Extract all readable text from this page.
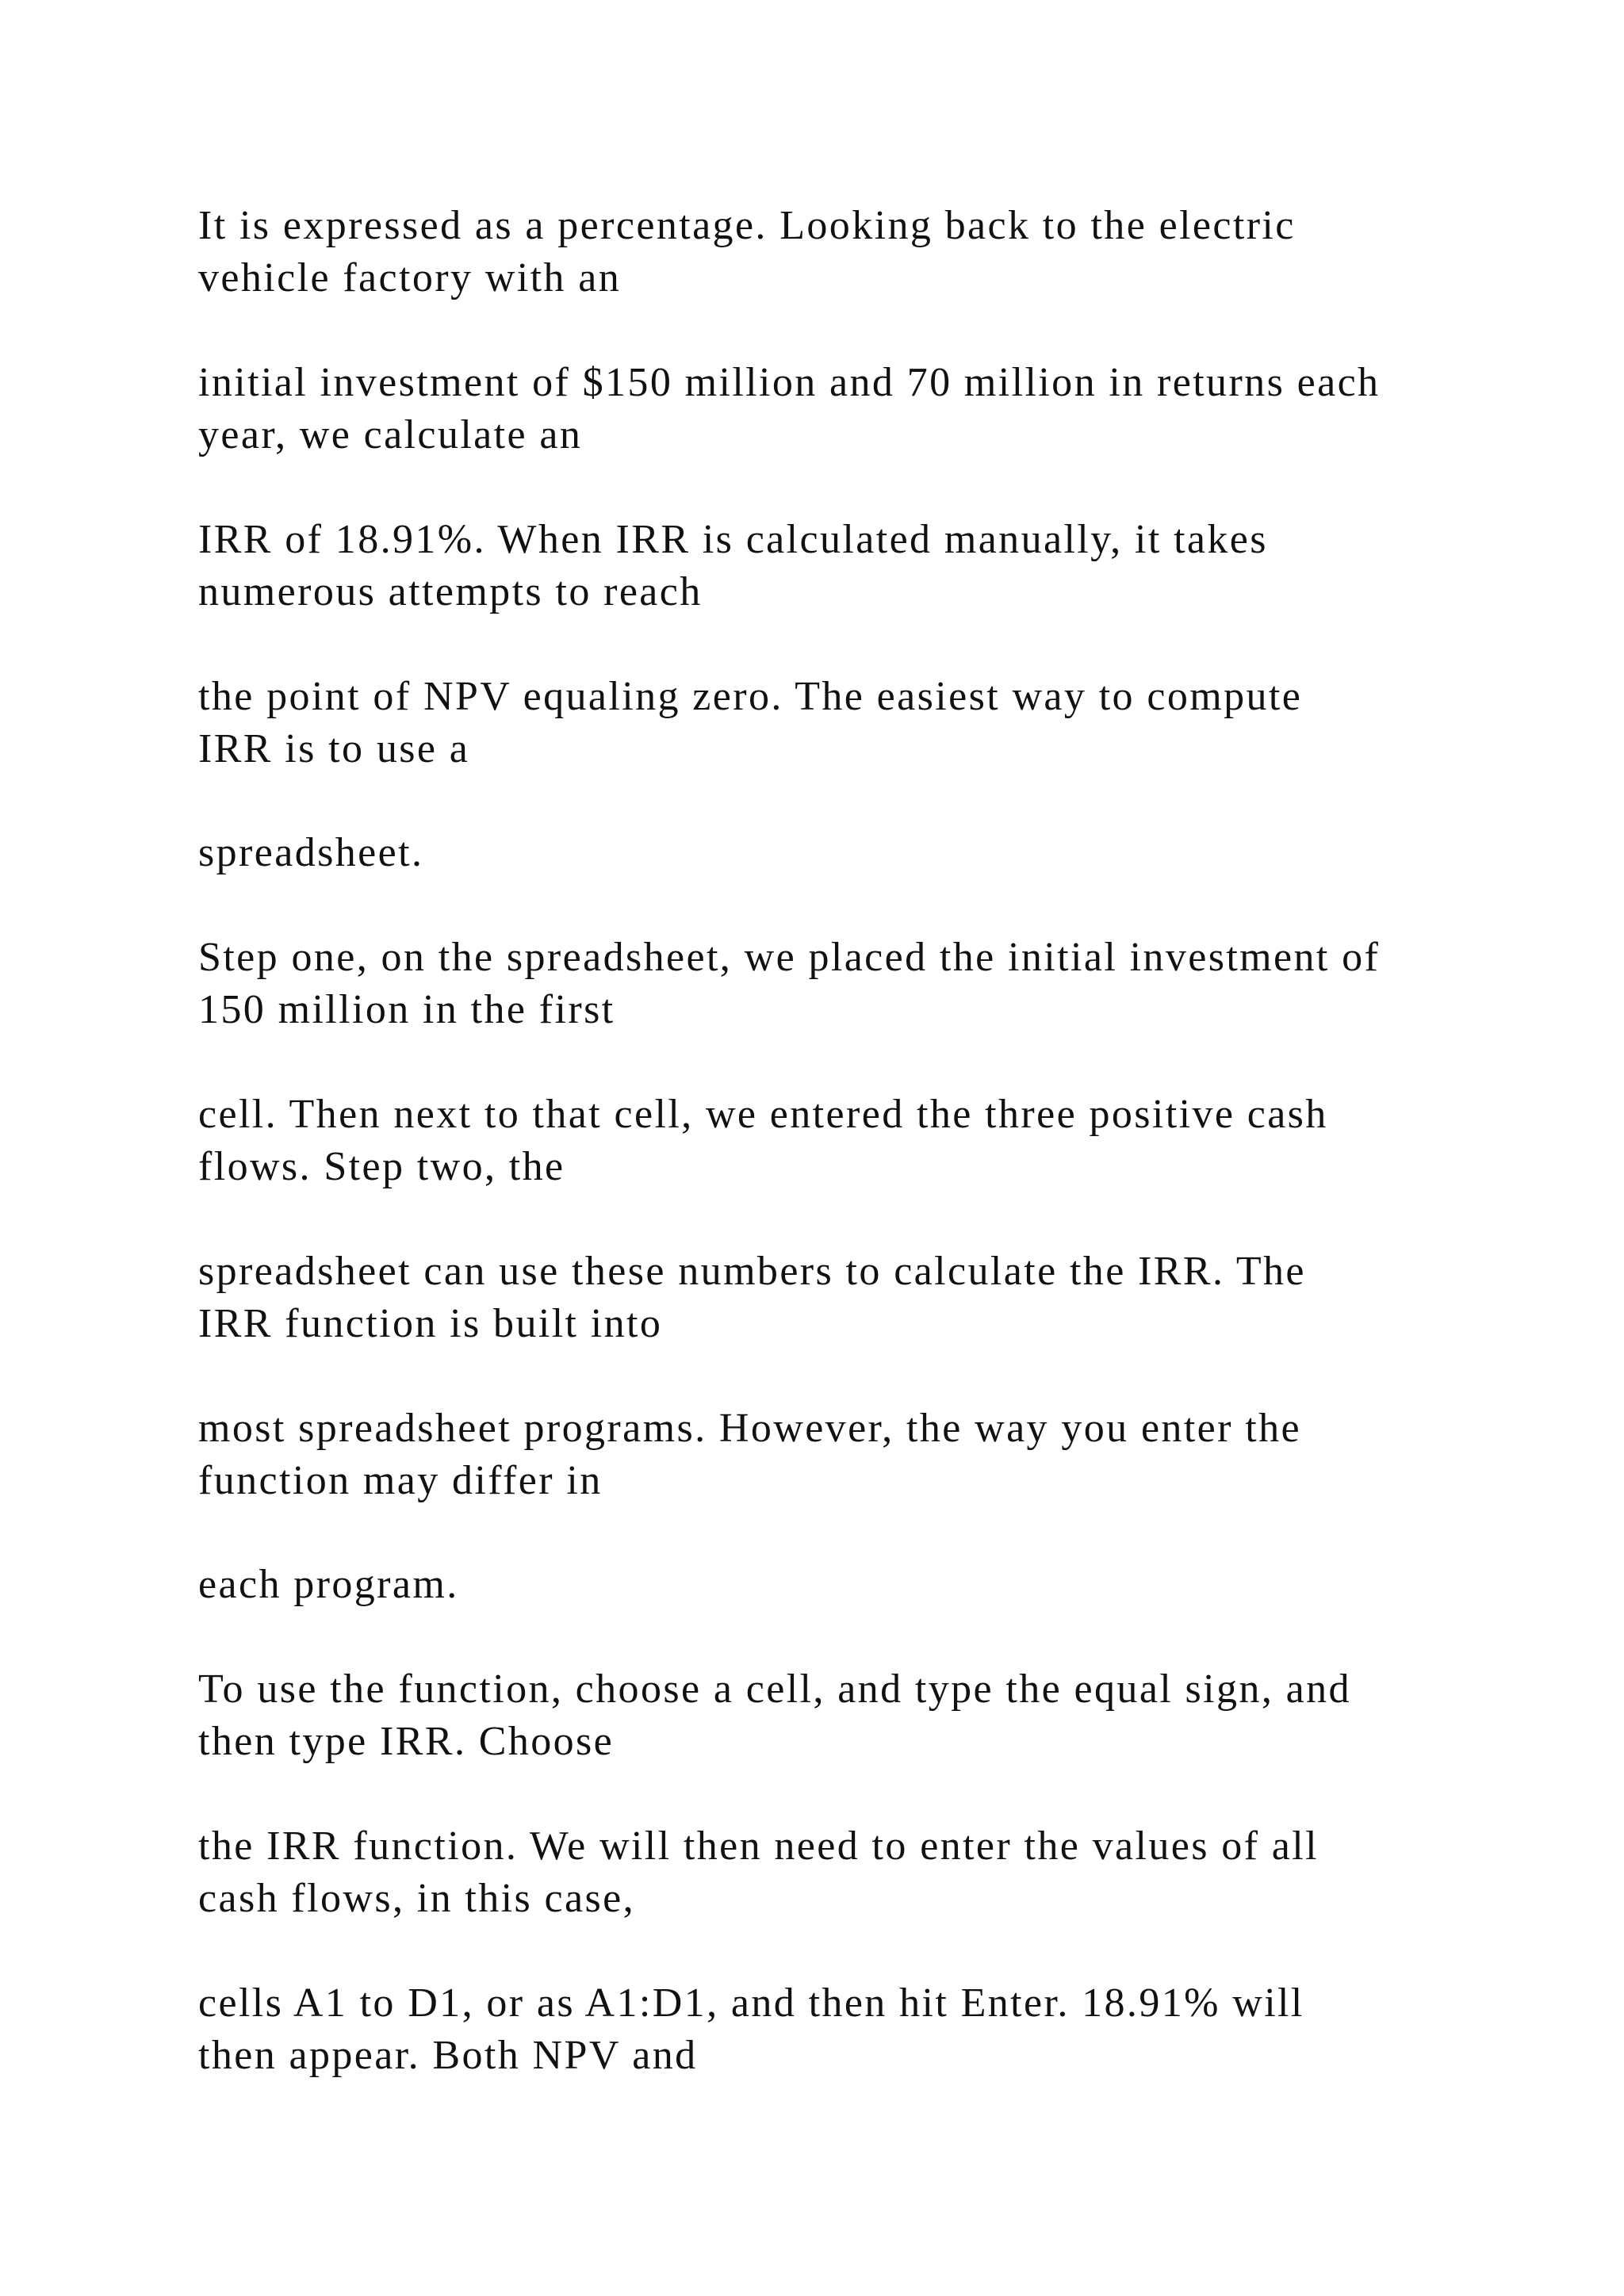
It is expressed as a percentage. Looking back to the electric
vehicle factory with an

initial investment of $150 million and 70 million in returns each
year, we calculate an

IRR of 18.91%. When IRR is calculated manually, it takes
numerous attempts to reach

the point of NPV equaling zero. The easiest way to compute
IRR is to use a

spreadsheet.

Step one, on the spreadsheet, we placed the initial investment of
150 million in the first

cell. Then next to that cell, we entered the three positive cash
flows. Step two, the

spreadsheet can use these numbers to calculate the IRR. The
IRR function is built into

most spreadsheet programs. However, the way you enter the
function may differ in

each program.

To use the function, choose a cell, and type the equal sign, and
then type IRR. Choose

the IRR function. We will then need to enter the values of all
cash flows, in this case,

cells A1 to D1, or as A1:D1, and then hit Enter. 18.91% will
then appear. Both NPV and
